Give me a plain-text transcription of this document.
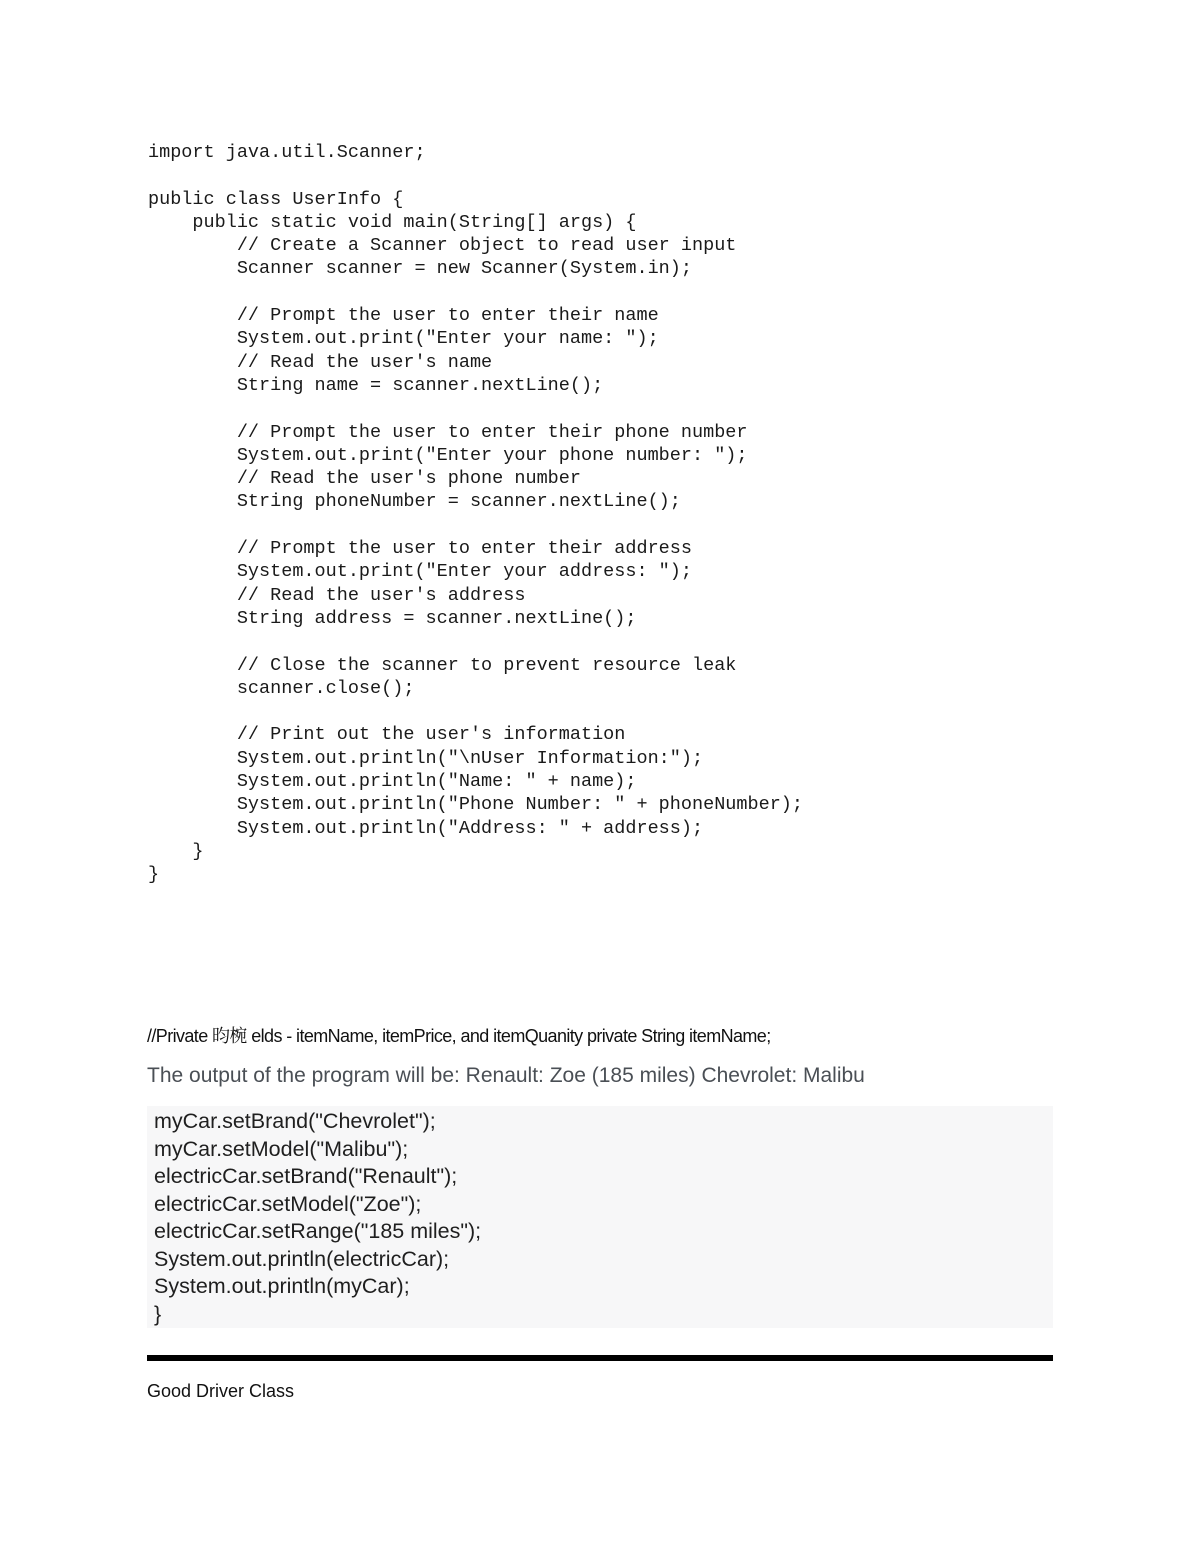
import java.util.Scanner;
public class UserInfo {
public static void main(String[] args) {
// Create a Scanner object to read user input
Scanner scanner = new Scanner(System.in);
// Prompt the user to enter their name
System.out.print("Enter your name: ");
// Read the user's name
String name = scanner.nextLine();
// Prompt the user to enter their phone number
System.out.print("Enter your phone number: ");
// Read the user's phone number
String phoneNumber = scanner.nextLine();
// Prompt the user to enter their address
System.out.print("Enter your address: ");
// Read the user's address
String address = scanner.nextLine();
// Close the scanner to prevent resource leak
scanner.close();
// Print out the user's information
System.out.println("\nUser Information:");
System.out.println("Name: " + name);
System.out.println("Phone Number: " + phoneNumber);
System.out.println("Address: " + address);
}
}
//Private 昀椀 elds - itemName, itemPrice, and itemQuanity private String itemName;
The output of the program will be: Renault: Zoe (185 miles) Chevrolet: Malibu
myCar.setBrand("Chevrolet");
myCar.setModel("Malibu");
electricCar.setBrand("Renault");
electricCar.setModel("Zoe");
electricCar.setRange("185 miles");
System.out.println(electricCar);
System.out.println(myCar);
}
Good Driver Class
